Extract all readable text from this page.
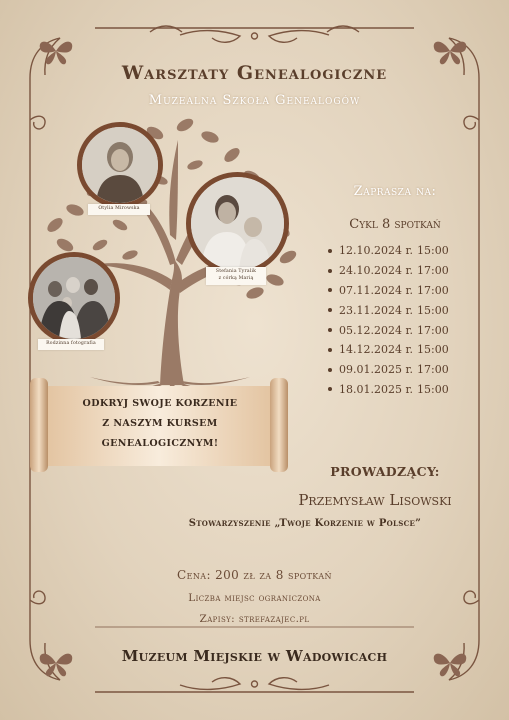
Warsztaty Genealogiczne
Muzealna Szkoła Genealogów
Otylia Mirowska
Stefania Tyralik
z córką Marią
Rodzinna fotografia
Zaprasza na:
Cykl 8 spotkań
12.10.2024 r. 15:00
24.10.2024 r. 17:00
07.11.2024 r. 17:00
23.11.2024 r. 15:00
05.12.2024 r. 17:00
14.12.2024 r. 15:00
09.01.2025 r. 17:00
18.01.2025 r. 15:00
ODKRYJ SWOJE KORZENIE
Z NASZYM KURSEM
GENEALOGICZNYM!
PROWADZĄCY:
Przemysław Lisowski
Stowarzyszenie „Twoje Korzenie w Polsce”
Cena: 200 zł za 8 spotkań
Liczba miejsc ograniczona
Zapisy: strefazajec.pl
Muzeum Miejskie w Wadowicach
